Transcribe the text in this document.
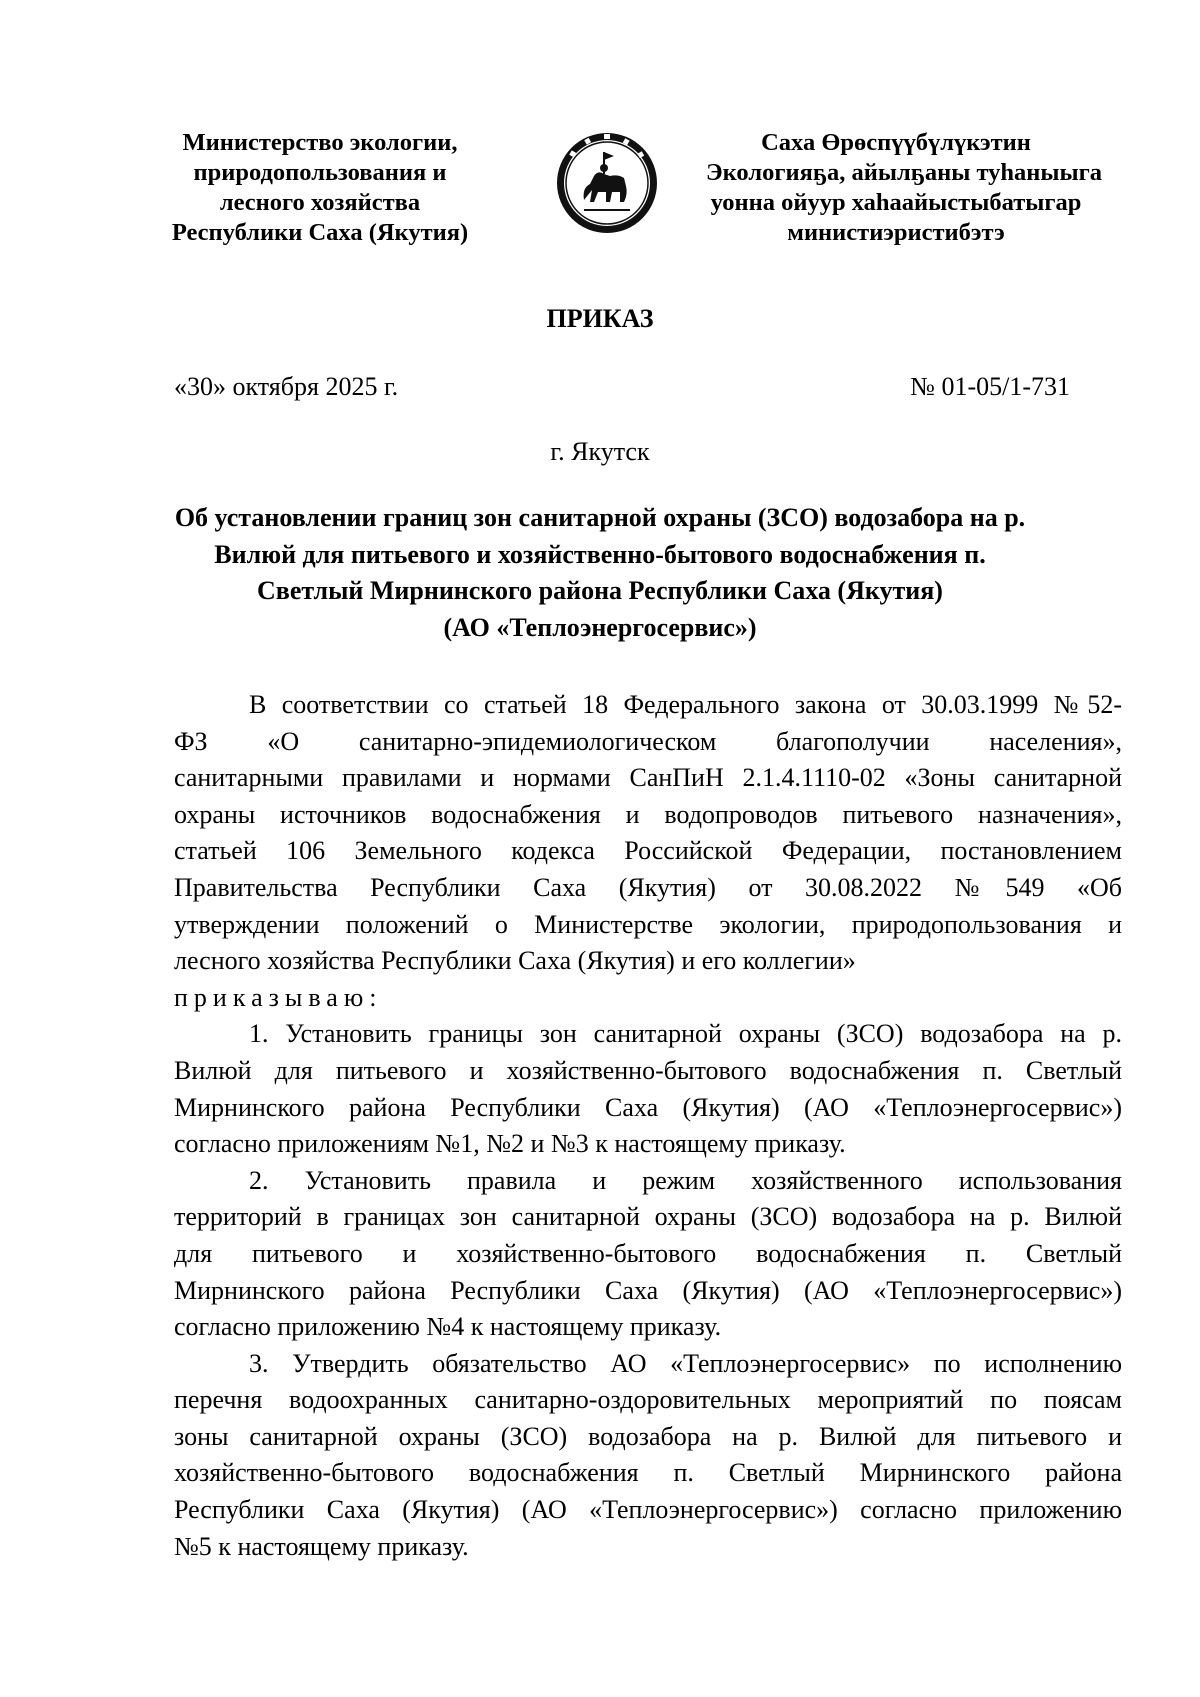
Министерство экологии,
природопользования и
лесного хозяйства
Республики Саха (Якутия)
Саха Өрөспүүбүлүкэтин
Экологияҕа, айылҕаны туһаныыга
уонна ойуур хаһаайыстыбатыгар
министиэристибэтэ
ПРИКАЗ
«30» октября 2025 г.	№ 01-05/1-731
г. Якутск
Об установлении границ зон санитарной охраны (ЗСО) водозабора на р.
Вилюй для питьевого и хозяйственно-бытового водоснабжения п.
Светлый Мирнинского района Республики Саха (Якутия)
(АО «Теплоэнергосервис»)
В соответствии со статьей 18 Федерального закона от 30.03.1999 №52-
ФЗ «О санитарно-эпидемиологическом благополучии населения»,
санитарными правилами и нормами СанПиН 2.1.4.1110-02 «Зоны санитарной
охраны источников водоснабжения и водопроводов питьевого назначения»,
статьей 106 Земельного кодекса Российской Федерации, постановлением
Правительства Республики Саха (Якутия) от 30.08.2022 №549 «Об
утверждении положений о Министерстве экологии, природопользования и
лесного хозяйства Республики Саха (Якутия) и его коллегии»
приказываю:
1. Установить границы зон санитарной охраны (ЗСО) водозабора на р.
Вилюй для питьевого и хозяйственно-бытового водоснабжения п. Светлый
Мирнинского района Республики Саха (Якутия) (АО «Теплоэнергосервис»)
согласно приложениям №1, №2 и №3 к настоящему приказу.
2. Установить правила и режим хозяйственного использования
территорий в границах зон санитарной охраны (ЗСО) водозабора на р. Вилюй
для питьевого и хозяйственно-бытового водоснабжения п. Светлый
Мирнинского района Республики Саха (Якутия) (АО «Теплоэнергосервис»)
согласно приложению №4 к настоящему приказу.
3. Утвердить обязательство АО «Теплоэнергосервис» по исполнению
перечня водоохранных санитарно-оздоровительных мероприятий по поясам
зоны санитарной охраны (ЗСО) водозабора на р. Вилюй для питьевого и
хозяйственно-бытового водоснабжения п. Светлый Мирнинского района
Республики Саха (Якутия) (АО «Теплоэнергосервис») согласно приложению
№5 к настоящему приказу.
